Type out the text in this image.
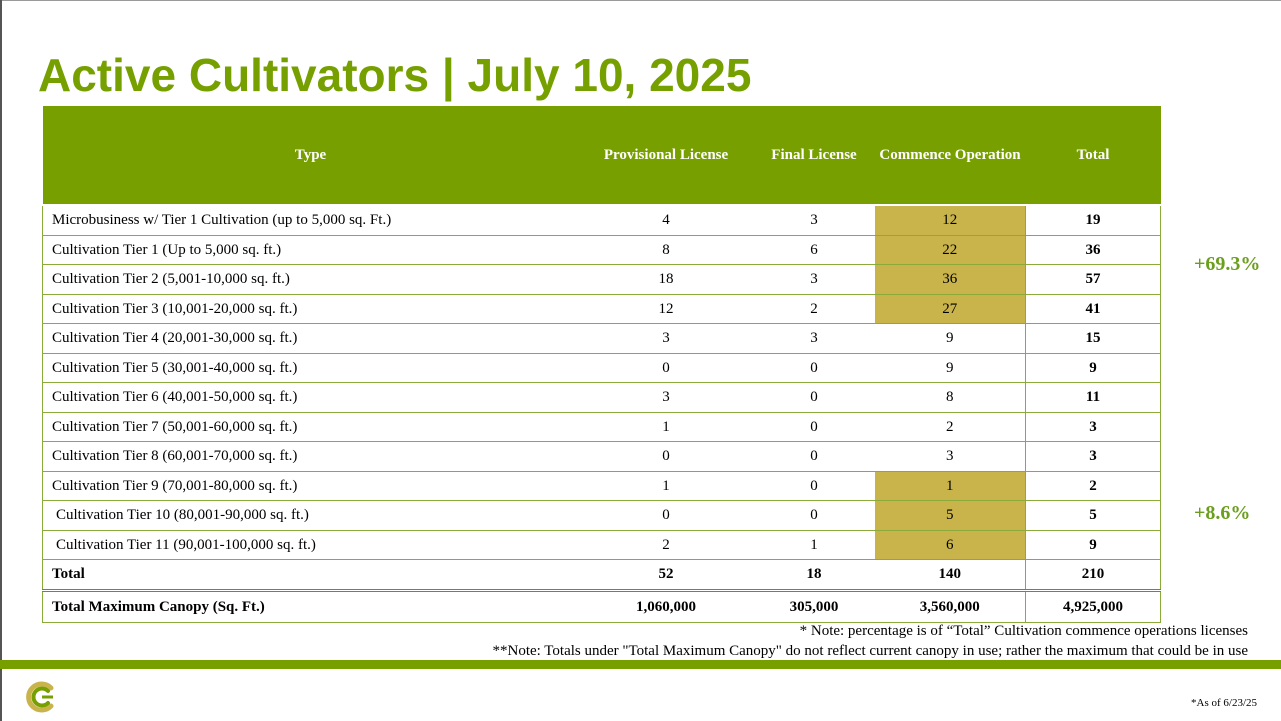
Active Cultivators | July 10, 2025
Type	Provisional License	Final License	Commence Operation	Total
Microbusiness w/ Tier 1 Cultivation (up to 5,000 sq. Ft.)	4	3	12	19
Cultivation Tier 1 (Up to 5,000 sq. ft.)	8	6	22	36
Cultivation Tier 2 (5,001-10,000 sq. ft.)	18	3	36	57
Cultivation Tier 3 (10,001-20,000 sq. ft.)	12	2	27	41
Cultivation Tier 4 (20,001-30,000 sq. ft.)	3	3	9	15
Cultivation Tier 5 (30,001-40,000 sq. ft.)	0	0	9	9
Cultivation Tier 6 (40,001-50,000 sq. ft.)	3	0	8	11
Cultivation Tier 7 (50,001-60,000 sq. ft.)	1	0	2	3
Cultivation Tier 8 (60,001-70,000 sq. ft.)	0	0	3	3
Cultivation Tier 9 (70,001-80,000 sq. ft.)	1	0	1	2
Cultivation Tier 10 (80,001-90,000 sq. ft.)	0	0	5	5
Cultivation Tier 11 (90,001-100,000 sq. ft.)	2	1	6	9
Total	52	18	140	210
Total Maximum Canopy (Sq. Ft.)	1,060,000	305,000	3,560,000	4,925,000
+69.3%
+8.6%
* Note: percentage is of “Total” Cultivation commence operations licenses
**Note: Totals under "Total Maximum Canopy" do not reflect current canopy in use; rather the maximum that could be in use
*As of 6/23/25
